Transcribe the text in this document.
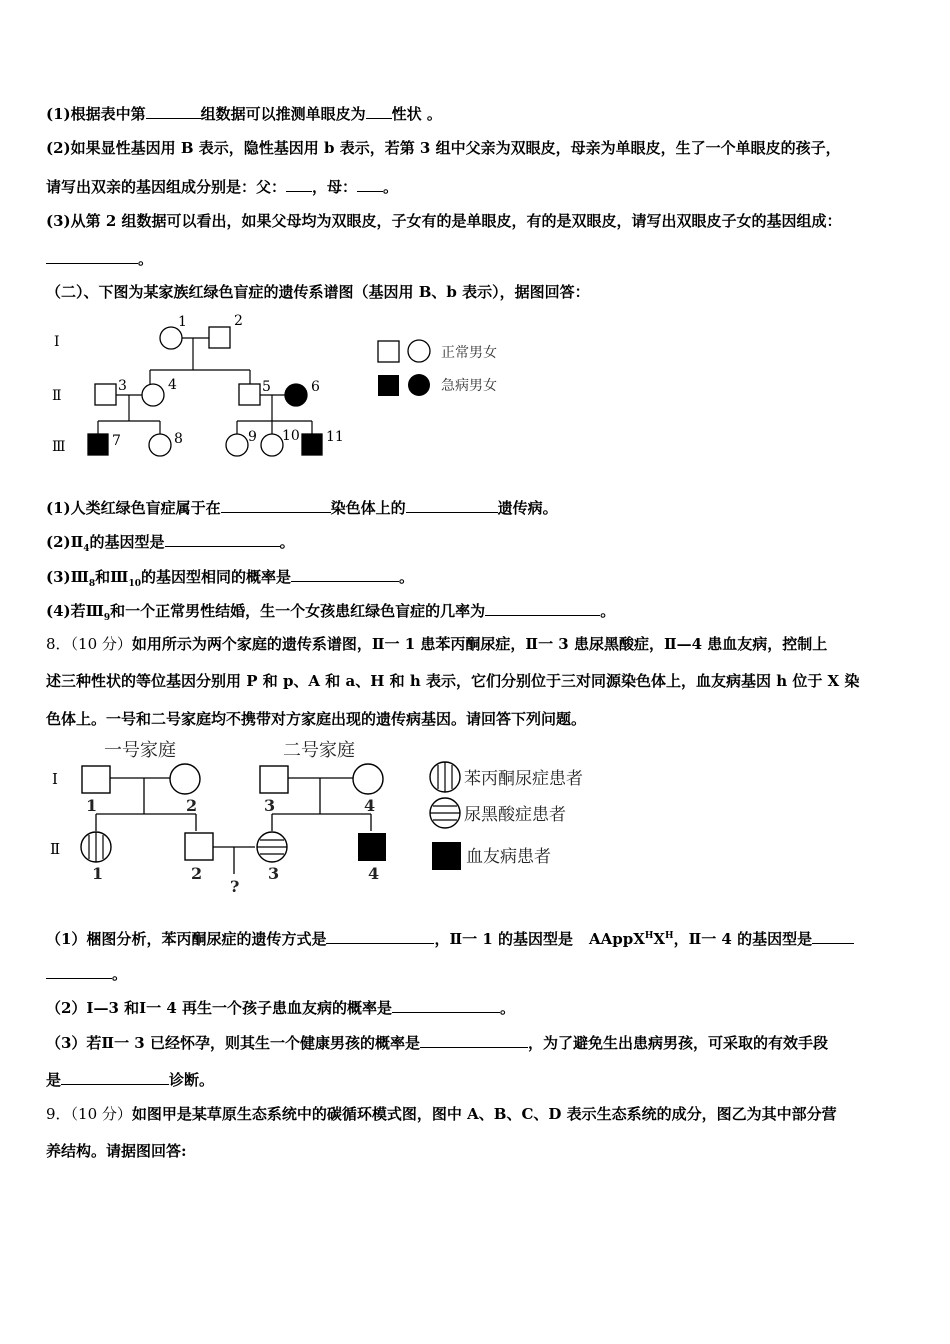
(1)根据表中第	组数据可以推测单眼皮为 性状 。
(2)如果显性基因用 B 表示，隐性基因用 b 表示，若第 3 组中父亲为双眼皮，母亲为单眼皮，生了一个单眼皮的孩子，
请写出双亲的基因组成分别是：父： ，母： 。
(3)从第 2 组数据可以看出，如果父母均为双眼皮，子女有的是单眼皮，有的是双眼皮，请写出双眼皮子女的基因组成：
。
（二）、下图为某家族红绿色盲症的遗传系谱图（基因用 B、b 表示），据图回答：
Ⅰ
Ⅱ
Ⅲ
1	2
3	4	5	6
7	8	9 10 11
正常男女
急病男女
(1)人类红绿色盲症属于在	染色体上的	遗传病。
$(2)Ⅱ_4$的基因型是	。
$(3)Ⅲ_8$和$Ⅲ_{10}$的基因型相同的概率是	。
(4)若$Ⅲ_9$和一个正常男性结婚，生一个女孩患红绿色盲症的几率为	。
8．（10 分）如用所示为两个家庭的遗传系谱图，Ⅱ一 1 患苯丙酮尿症，Ⅱ一 3 患尿黑酸症，Ⅱ—4 患血友病，控制上
述三种性状的等位基因分别用 P 和 p、A 和 a、H 和 h 表示，它们分别位于三对同源染色体上，血友病基因 h 位于 X 染
色体上。一号和二号家庭均不携带对方家庭出现的遗传病基因。请回答下列问题。
一号家庭	二号家庭
Ⅰ
Ⅱ
1	2	3	4
1	2	3	4
?
苯丙酮尿症患者
尿黑酸症患者
血友病患者
（1）梱图分析，苯丙酮尿症的遗传方式是	，Ⅱ一 1 的基因型是 $AAppX^HX^H$，Ⅱ一 4 的基因型是
。
（2）Ⅰ—3 和Ⅰ一 4 再生一个孩子患血友病的概率是	。
（3）若Ⅱ一 3 已经怀孕，则其生一个健康男孩的概率是	，为了避免生出患病男孩，可采取的有效手段
是	诊断。
9．（10 分）如图甲是某草原生态系统中的碳循环模式图，图中 A、B、C、D 表示生态系统的成分，图乙为其中部分营
养结构。请据图回答:
